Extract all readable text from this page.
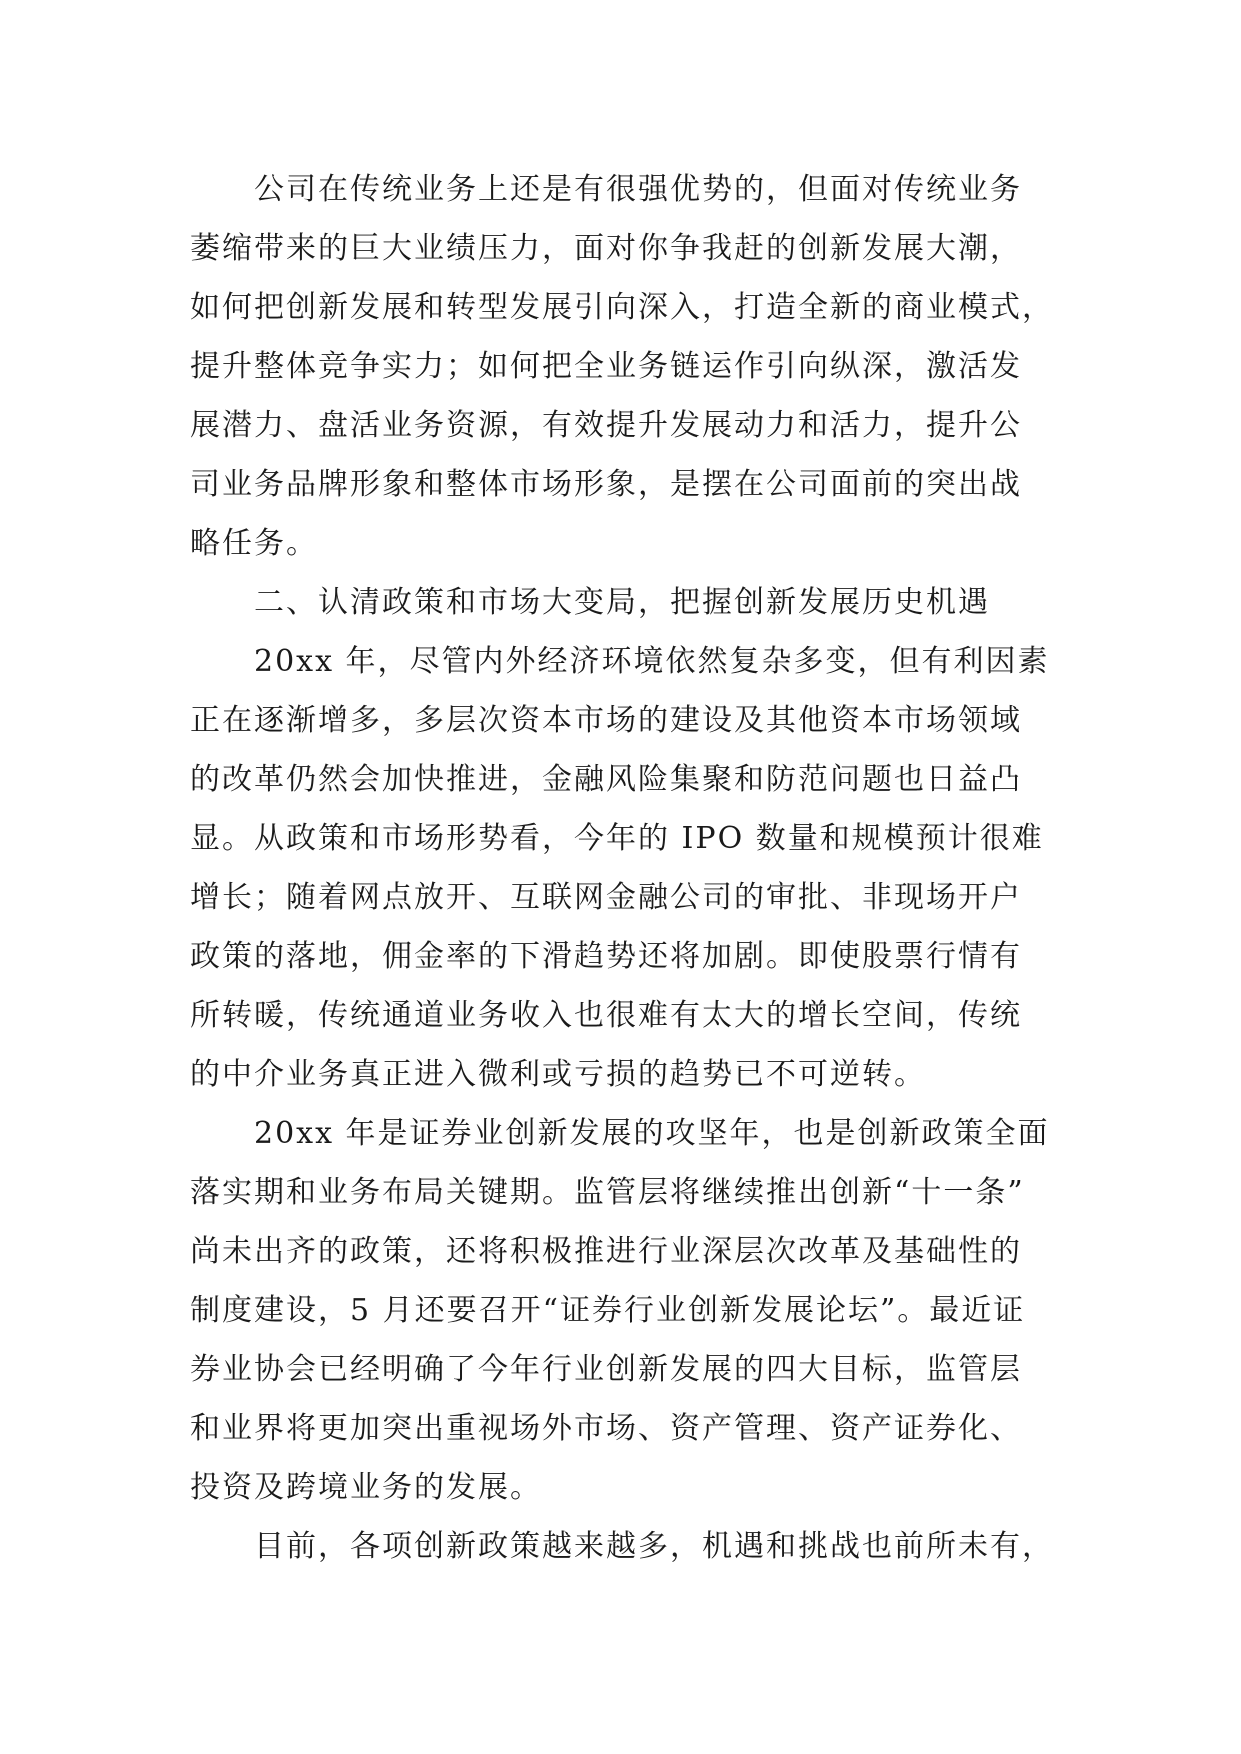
公司在传统业务上还是有很强优势的，但面对传统业务
萎缩带来的巨大业绩压力，面对你争我赶的创新发展大潮，
如何把创新发展和转型发展引向深入，打造全新的商业模式，
提升整体竞争实力；如何把全业务链运作引向纵深，激活发
展潜力、盘活业务资源，有效提升发展动力和活力，提升公
司业务品牌形象和整体市场形象，是摆在公司面前的突出战
略任务。
二、认清政策和市场大变局，把握创新发展历史机遇
20xx 年，尽管内外经济环境依然复杂多变，但有利因素
正在逐渐增多，多层次资本市场的建设及其他资本市场领域
的改革仍然会加快推进，金融风险集聚和防范问题也日益凸
显。从政策和市场形势看，今年的 IPO 数量和规模预计很难
增长；随着网点放开、互联网金融公司的审批、非现场开户
政策的落地，佣金率的下滑趋势还将加剧。即使股票行情有
所转暖，传统通道业务收入也很难有太大的增长空间，传统
的中介业务真正进入微利或亏损的趋势已不可逆转。
20xx 年是证券业创新发展的攻坚年，也是创新政策全面
落实期和业务布局关键期。监管层将继续推出创新“十一条”
尚未出齐的政策，还将积极推进行业深层次改革及基础性的
制度建设，5 月还要召开“证券行业创新发展论坛”。最近证
券业协会已经明确了今年行业创新发展的四大目标，监管层
和业界将更加突出重视场外市场、资产管理、资产证券化、
投资及跨境业务的发展。
目前，各项创新政策越来越多，机遇和挑战也前所未有，
